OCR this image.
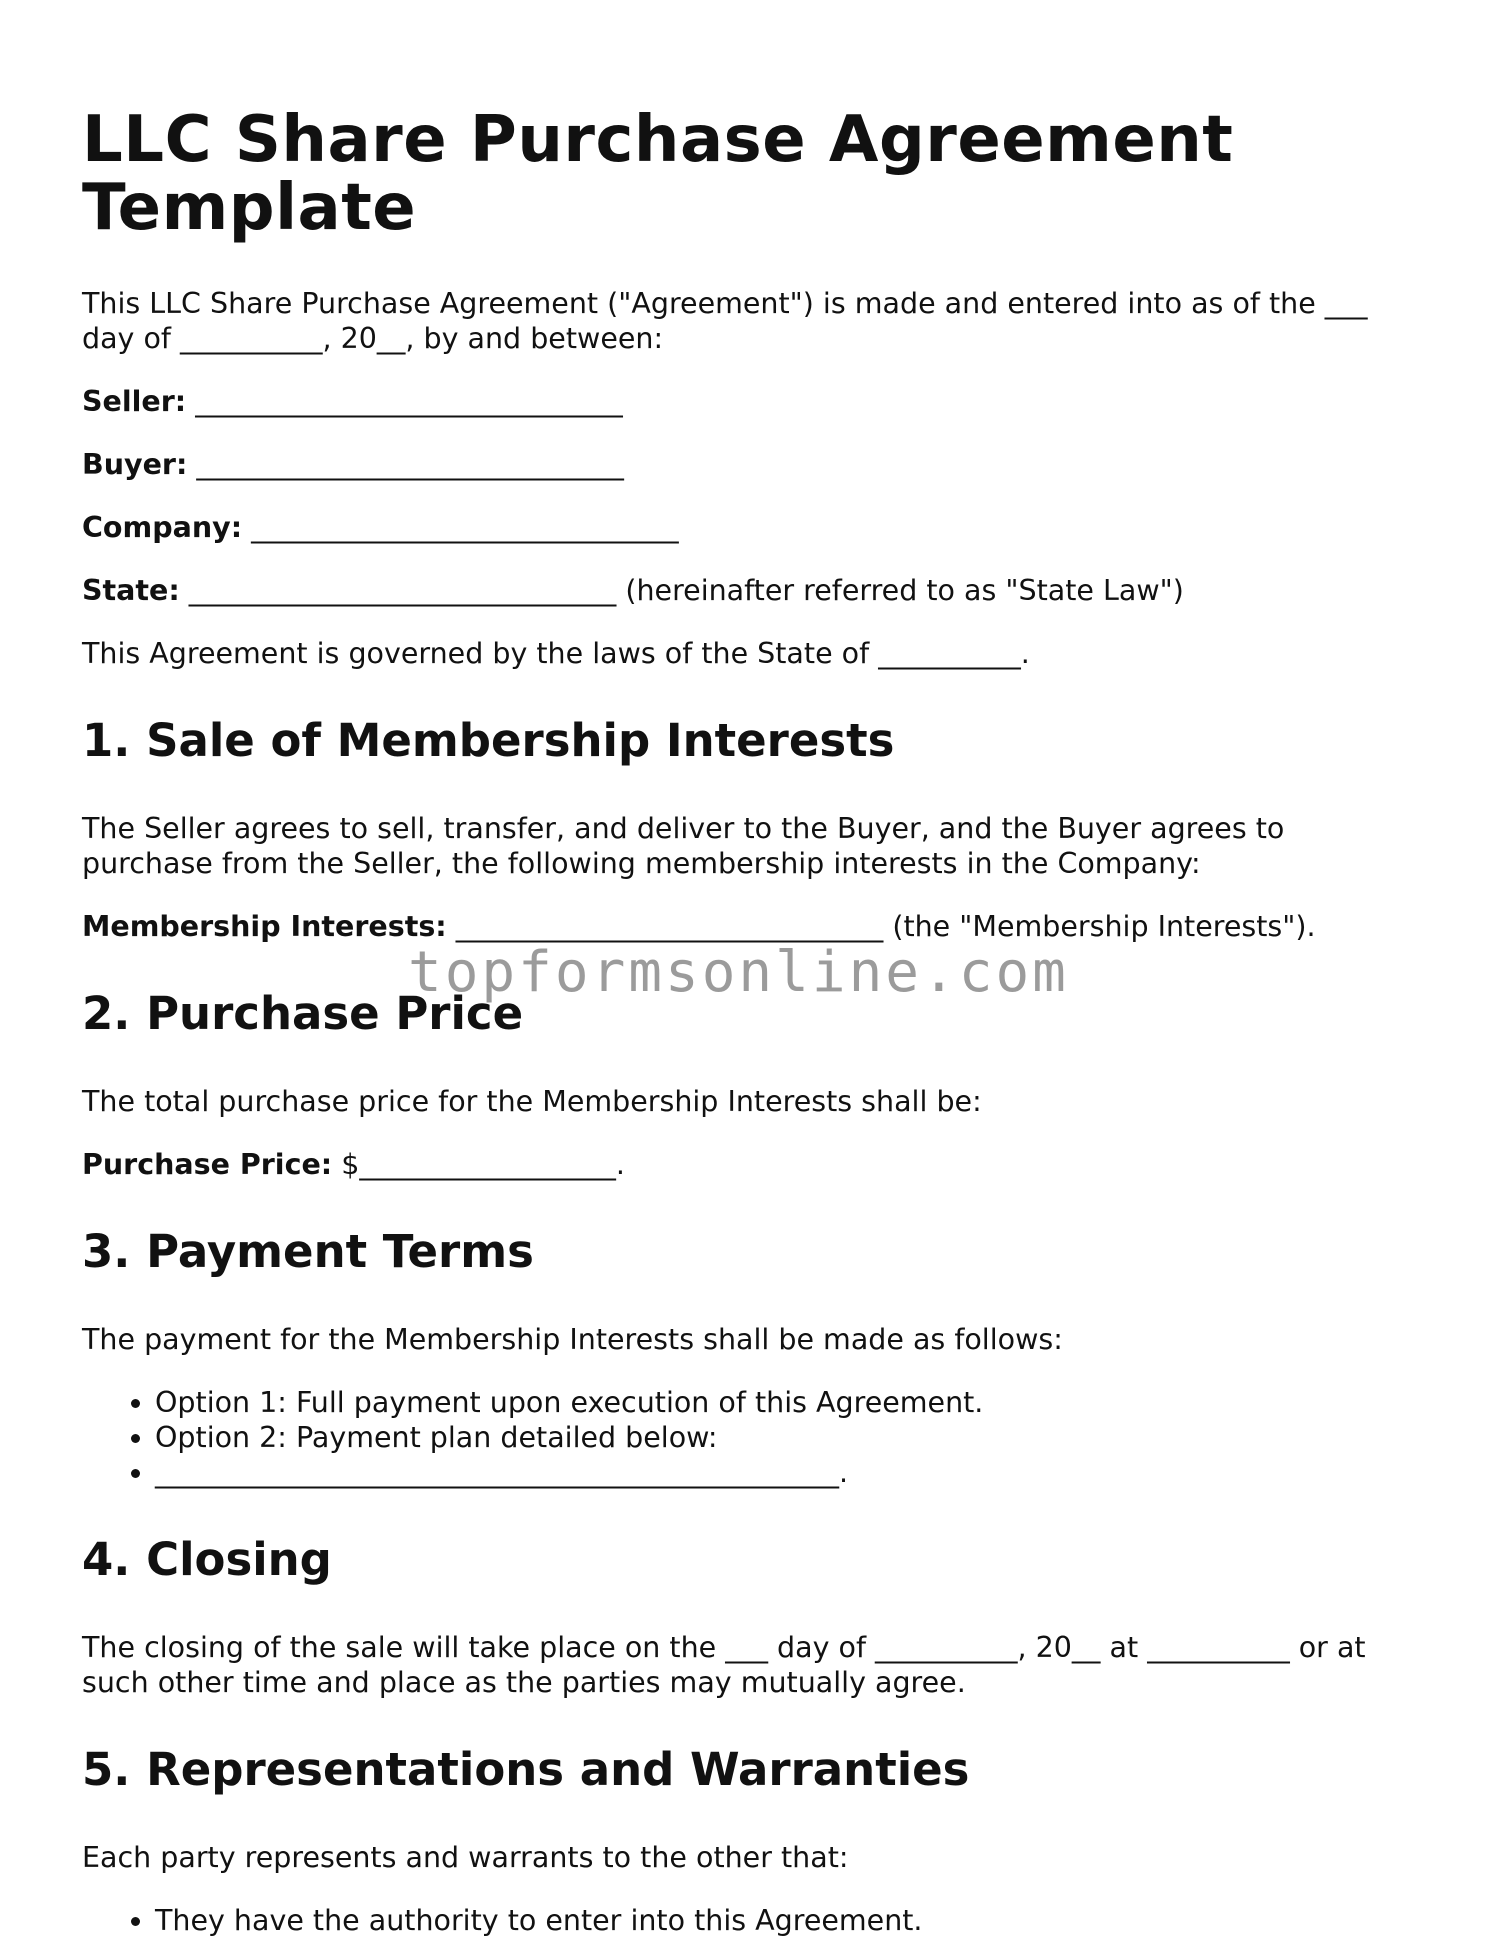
LLC Share Purchase Agreement Template

This LLC Share Purchase Agreement ("Agreement") is made and entered into as of the ___ day of __________, 20__, by and between:

Seller: ______________________________

Buyer: ______________________________

Company: ______________________________

State: ______________________________ (hereinafter referred to as "State Law")

This Agreement is governed by the laws of the State of __________.

1. Sale of Membership Interests

The Seller agrees to sell, transfer, and deliver to the Buyer, and the Buyer agrees to purchase from the Seller, the following membership interests in the Company:

Membership Interests: ______________________________ (the "Membership Interests").

2. Purchase Price

The total purchase price for the Membership Interests shall be:

Purchase Price: $__________________.

3. Payment Terms

The payment for the Membership Interests shall be made as follows:

• Option 1: Full payment upon execution of this Agreement.
• Option 2: Payment plan detailed below:
• ________________________________________________.
4. Closing

The closing of the sale will take place on the ___ day of __________, 20__ at __________ or at such other time and place as the parties may mutually agree.

5. Representations and Warranties

Each party represents and warrants to the other that:

• They have the authority to enter into this Agreement.
topformsonline.com
